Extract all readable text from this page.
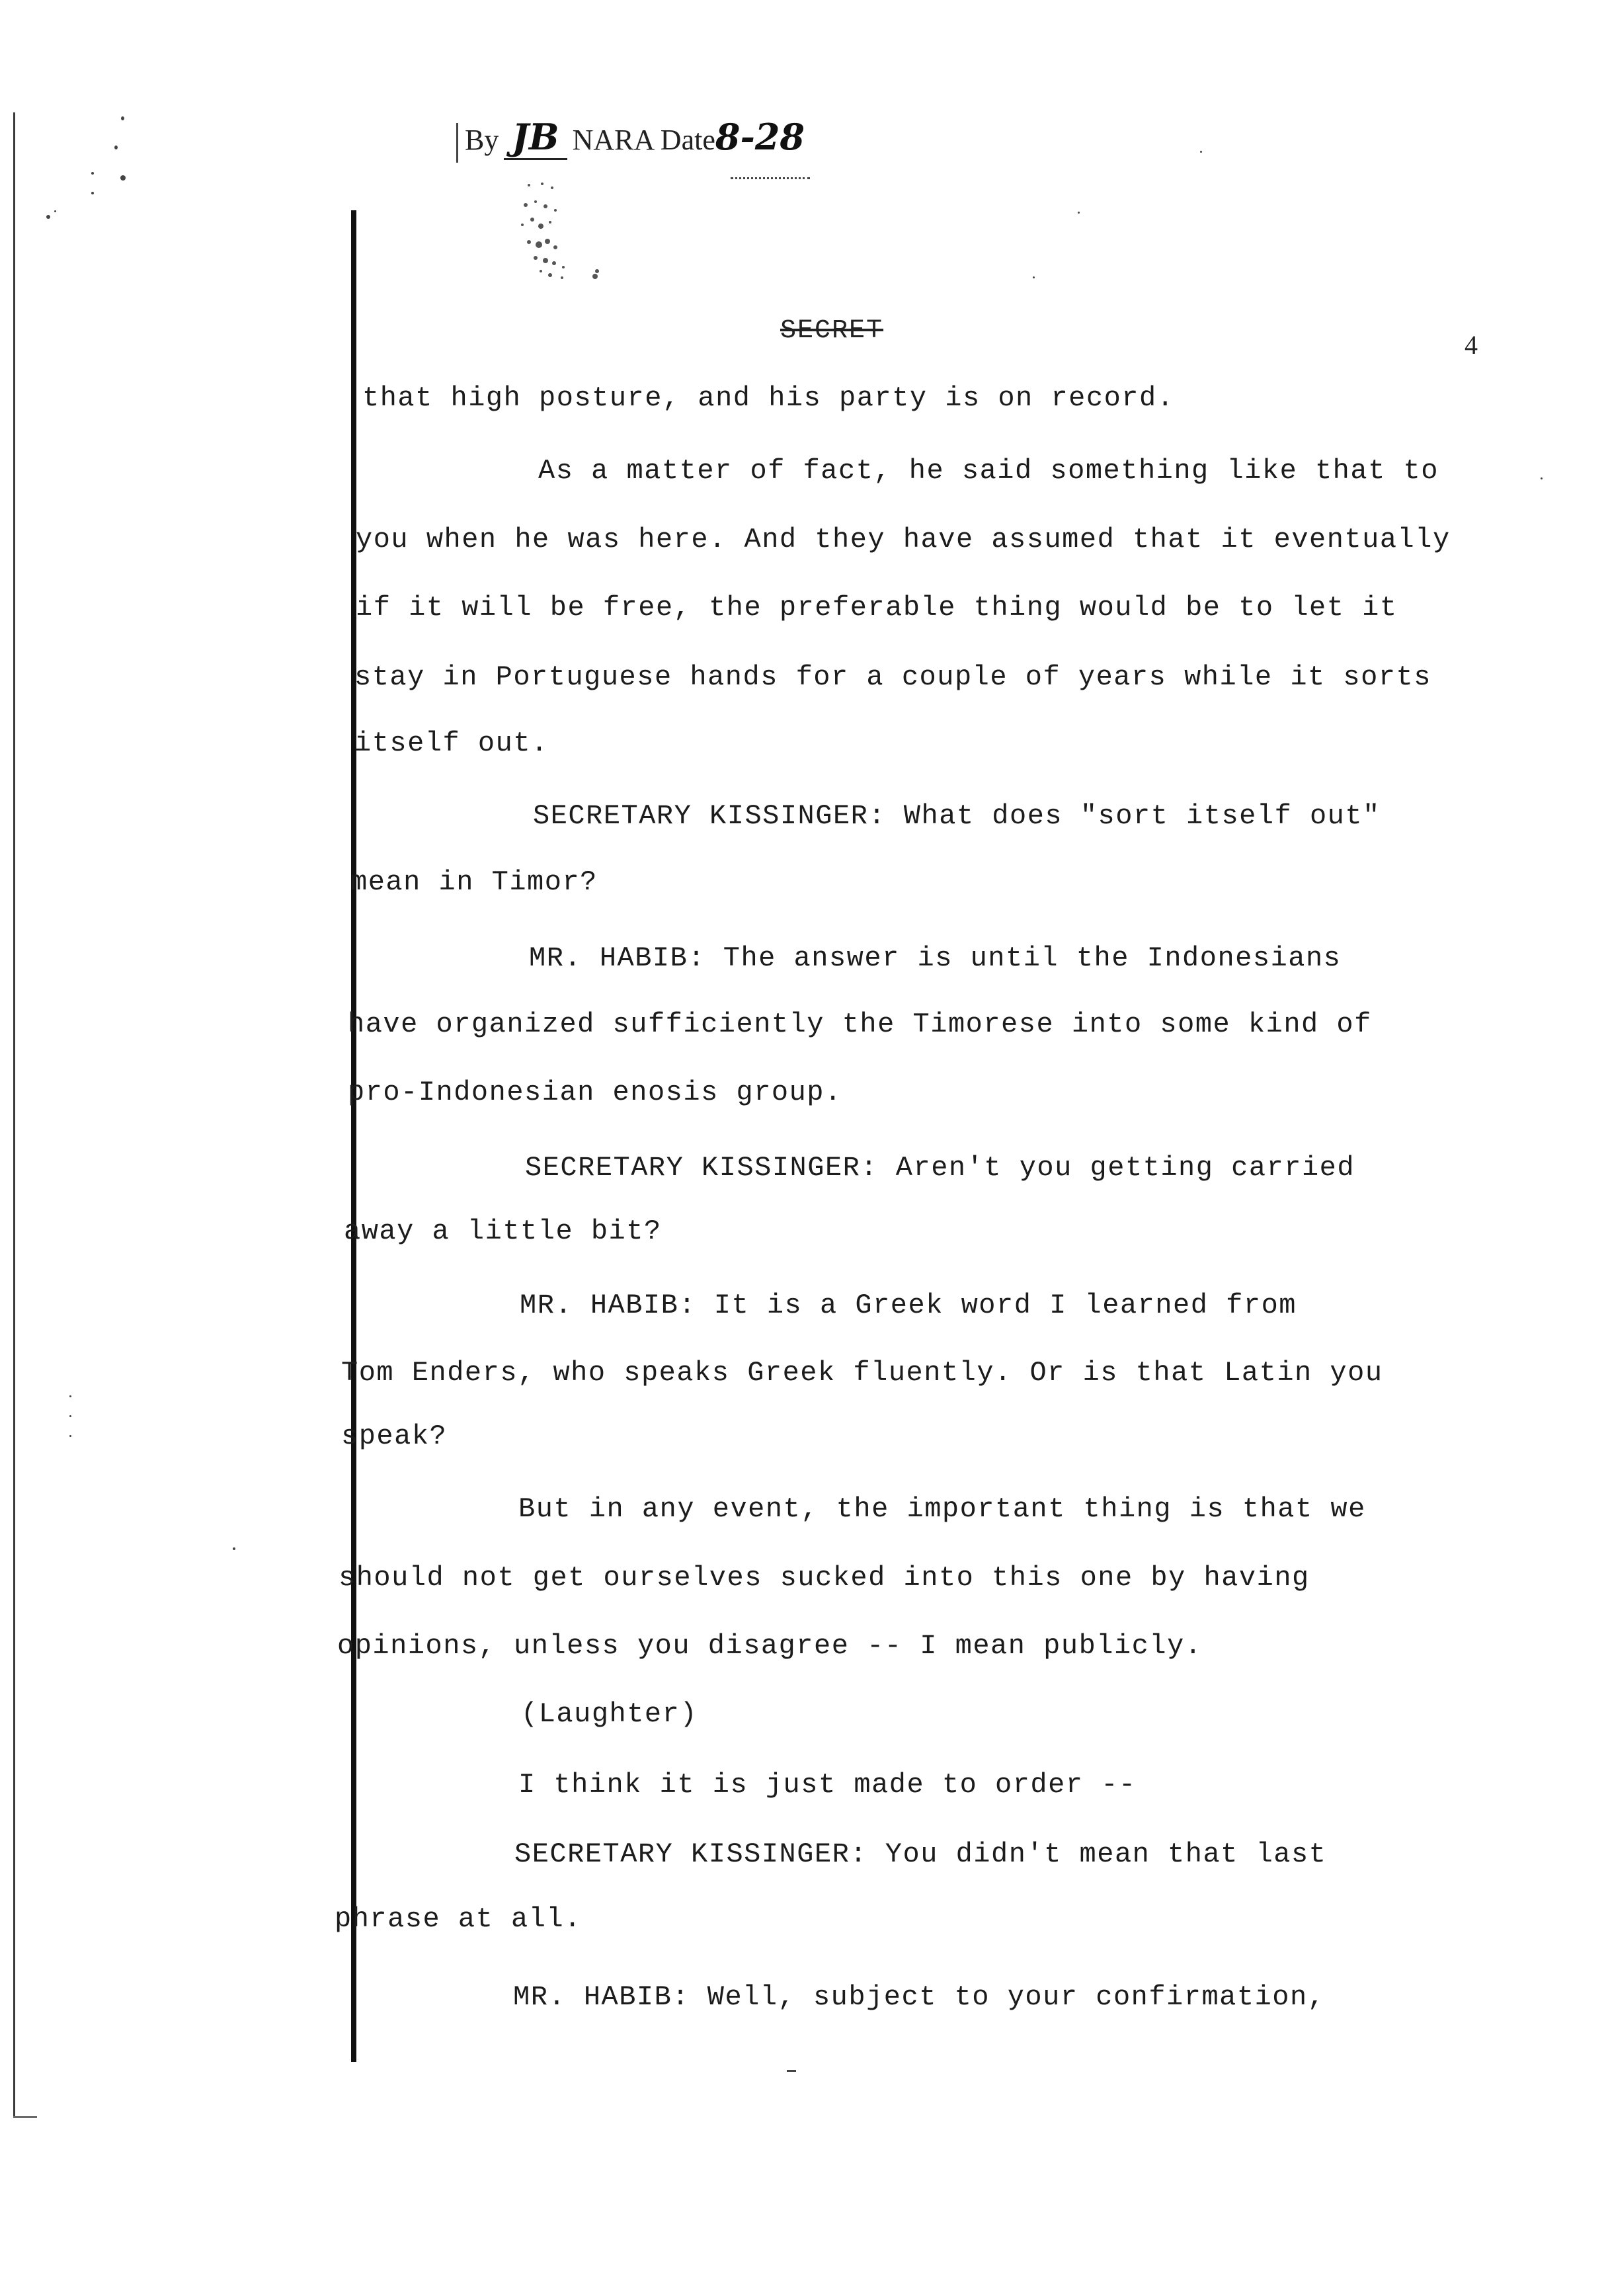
By JB NARA Date8-28
SECRET	4
that high posture, and his party is on record.
As a matter of fact, he said something like that to
you when he was here. And they have assumed that it eventually
if it will be free, the preferable thing would be to let it
stay in Portuguese hands for a couple of years while it sorts
itself out.
SECRETARY KISSINGER: What does "sort itself out"
mean in Timor?
MR. HABIB: The answer is until the Indonesians
have organized sufficiently the Timorese into some kind of
pro-Indonesian enosis group.
SECRETARY KISSINGER: Aren't you getting carried
away a little bit?
MR. HABIB: It is a Greek word I learned from
Tom Enders, who speaks Greek fluently. Or is that Latin you
speak?
But in any event, the important thing is that we
should not get ourselves sucked into this one by having
opinions, unless you disagree -- I mean publicly.
(Laughter)
I think it is just made to order --
SECRETARY KISSINGER: You didn't mean that last
phrase at all.
MR. HABIB: Well, subject to your confirmation,
